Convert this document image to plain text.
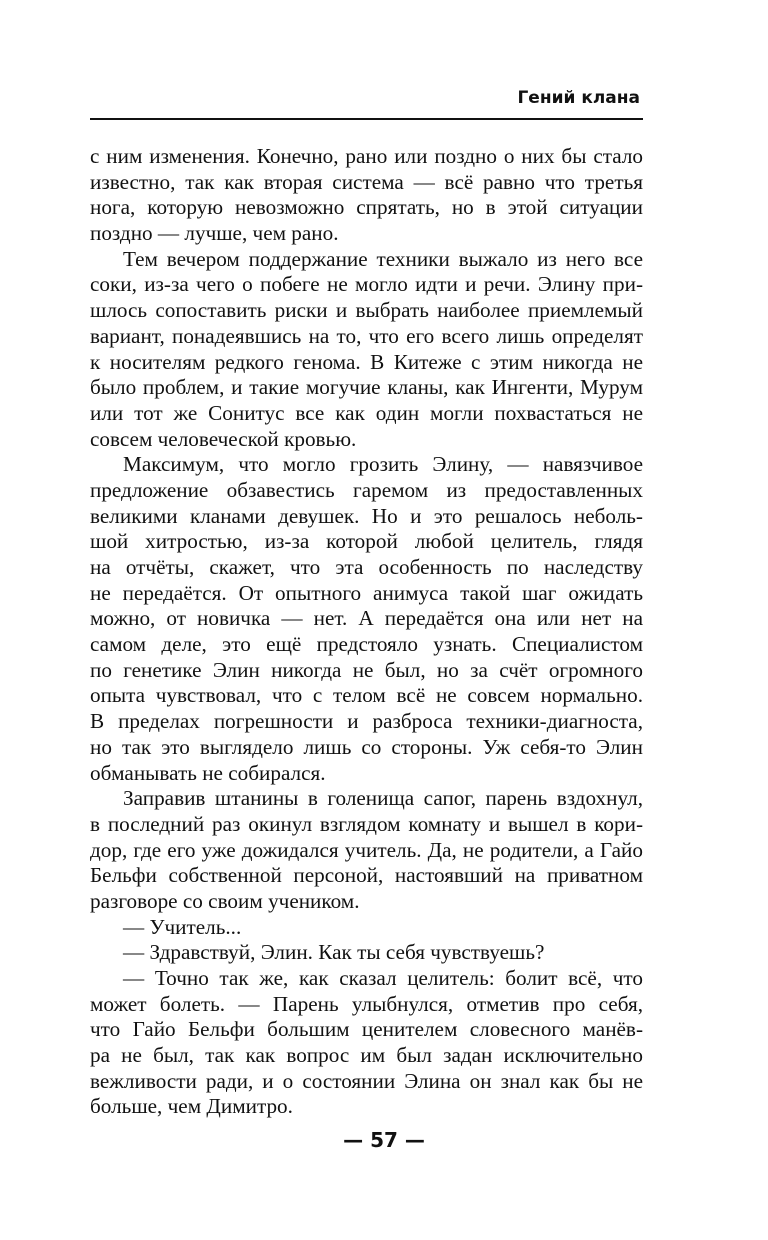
Гений клана
с ним изменения. Конечно, рано или поздно о них бы стало
известно, так как вторая система — всё равно что третья
нога, которую невозможно спрятать, но в этой ситуации
поздно — лучше, чем рано.
Тем вечером поддержание техники выжало из него все
соки, из-за чего о побеге не могло идти и речи. Элину при-
шлось сопоставить риски и выбрать наиболее приемлемый
вариант, понадеявшись на то, что его всего лишь определят
к носителям редкого генома. В Китеже с этим никогда не
было проблем, и такие могучие кланы, как Ингенти, Мурум
или тот же Сонитус все как один могли похвастаться не
совсем человеческой кровью.
Максимум, что могло грозить Элину, — навязчивое
предложение обзавестись гаремом из предоставленных
великими кланами девушек. Но и это решалось неболь-
шой хитростью, из-за которой любой целитель, глядя
на отчёты, скажет, что эта особенность по наследству
не передаётся. От опытного анимуса такой шаг ожидать
можно, от новичка — нет. А передаётся она или нет на
самом деле, это ещё предстояло узнать. Специалистом
по генетике Элин никогда не был, но за счёт огромного
опыта чувствовал, что с телом всё не совсем нормально.
В пределах погрешности и разброса техники-диагноста,
но так это выглядело лишь со стороны. Уж себя-то Элин
обманывать не собирался.
Заправив штанины в голенища сапог, парень вздохнул,
в последний раз окинул взглядом комнату и вышел в кори-
дор, где его уже дожидался учитель. Да, не родители, а Гайо
Бельфи собственной персоной, настоявший на приватном
разговоре со своим учеником.
— Учитель...
— Здравствуй, Элин. Как ты себя чувствуешь?
— Точно так же, как сказал целитель: болит всё, что
может болеть. — Парень улыбнулся, отметив про себя,
что Гайо Бельфи большим ценителем словесного манёв-
ра не был, так как вопрос им был задан исключительно
вежливости ради, и о состоянии Элина он знал как бы не
больше, чем Димитро.
— 57 —
